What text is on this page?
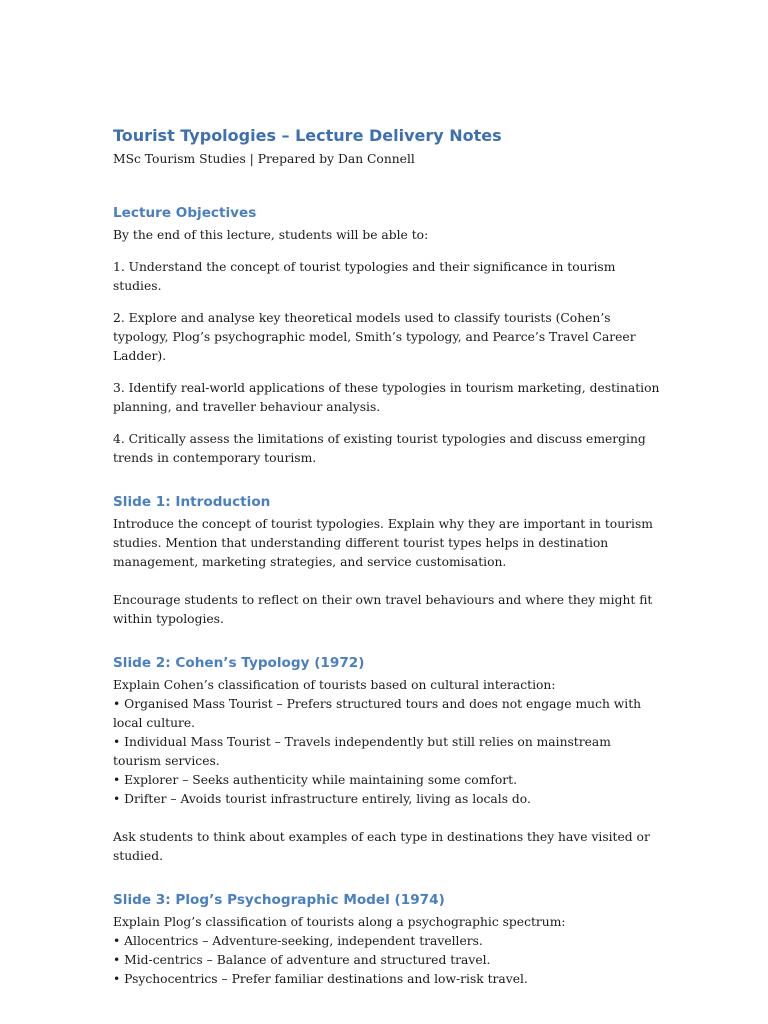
Tourist Typologies – Lecture Delivery Notes

MSc Tourism Studies | Prepared by Dan Connell

Lecture Objectives

By the end of this lecture, students will be able to:

1. Understand the concept of tourist typologies and their significance in tourism studies.

2. Explore and analyse key theoretical models used to classify tourists (Cohen’s typology, Plog’s psychographic model, Smith’s typology, and Pearce’s Travel Career Ladder).

3. Identify real-world applications of these typologies in tourism marketing, destination planning, and traveller behaviour analysis.

4. Critically assess the limitations of existing tourist typologies and discuss emerging trends in contemporary tourism.

Slide 1: Introduction

Introduce the concept of tourist typologies. Explain why they are important in tourism studies. Mention that understanding different tourist types helps in destination management, marketing strategies, and service customisation.

Encourage students to reflect on their own travel behaviours and where they might fit within typologies.

Slide 2: Cohen’s Typology (1972)

Explain Cohen’s classification of tourists based on cultural interaction:

• Organised Mass Tourist – Prefers structured tours and does not engage much with local culture.

• Individual Mass Tourist – Travels independently but still relies on mainstream tourism services.

• Explorer – Seeks authenticity while maintaining some comfort.

• Drifter – Avoids tourist infrastructure entirely, living as locals do.

Ask students to think about examples of each type in destinations they have visited or studied.

Slide 3: Plog’s Psychographic Model (1974)

Explain Plog’s classification of tourists along a psychographic spectrum:

• Allocentrics – Adventure-seeking, independent travellers.

• Mid-centrics – Balance of adventure and structured travel.

• Psychocentrics – Prefer familiar destinations and low-risk travel.
